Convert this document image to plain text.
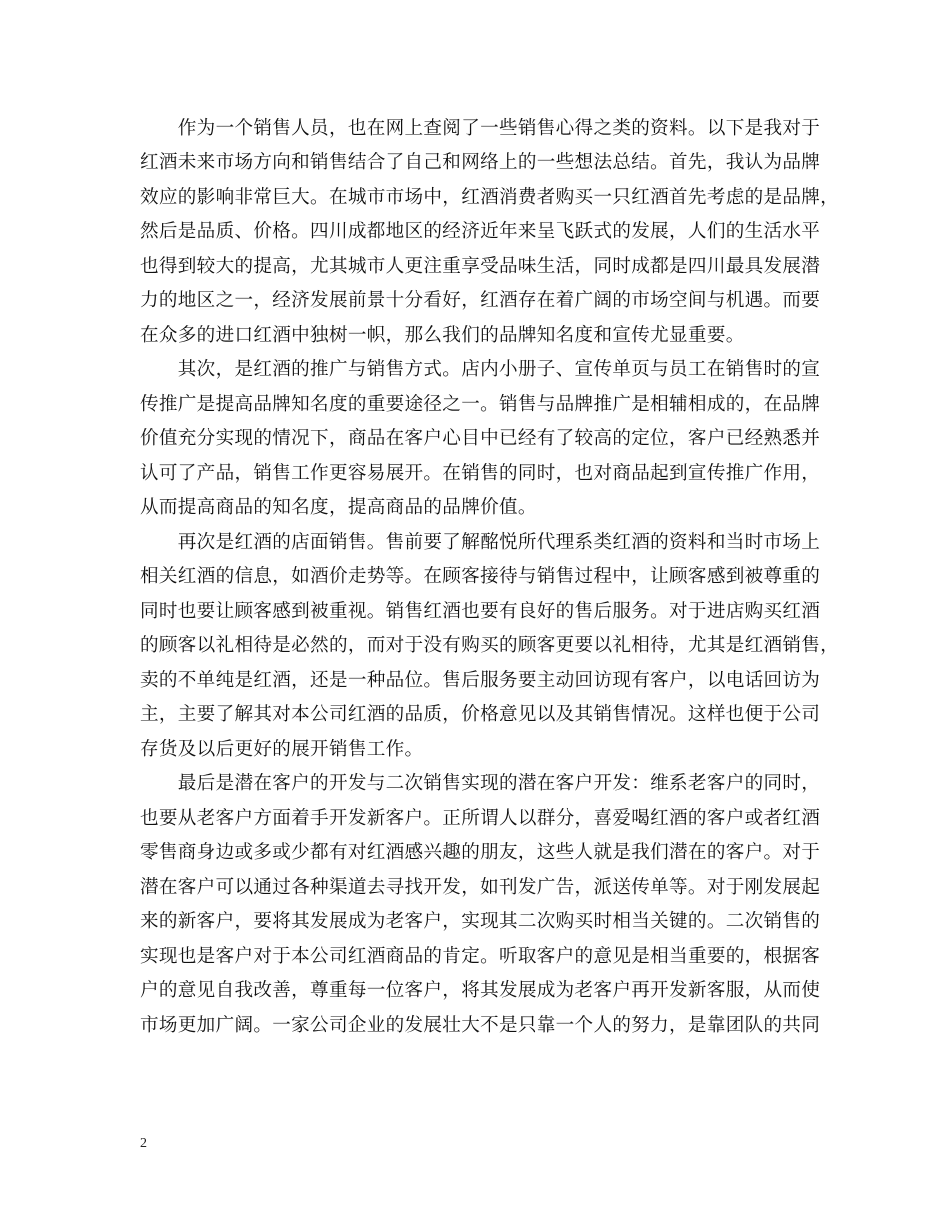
　　作为一个销售人员，也在网上查阅了一些销售心得之类的资料。以下是我对于
红酒未来市场方向和销售结合了自己和网络上的一些想法总结。首先，我认为品牌
效应的影响非常巨大。在城市市场中，红酒消费者购买一只红酒首先考虑的是品牌，
然后是品质、价格。四川成都地区的经济近年来呈飞跃式的发展，人们的生活水平
也得到较大的提高，尤其城市人更注重享受品味生活，同时成都是四川最具发展潜
力的地区之一，经济发展前景十分看好，红酒存在着广阔的市场空间与机遇。而要
在众多的进口红酒中独树一帜，那么我们的品牌知名度和宣传尤显重要。
　　其次，是红酒的推广与销售方式。店内小册子、宣传单页与员工在销售时的宣
传推广是提高品牌知名度的重要途径之一。销售与品牌推广是相辅相成的，在品牌
价值充分实现的情况下，商品在客户心目中已经有了较高的定位，客户已经熟悉并
认可了产品，销售工作更容易展开。在销售的同时，也对商品起到宣传推广作用，
从而提高商品的知名度，提高商品的品牌价值。
　　再次是红酒的店面销售。售前要了解酩悦所代理系类红酒的资料和当时市场上
相关红酒的信息，如酒价走势等。在顾客接待与销售过程中，让顾客感到被尊重的
同时也要让顾客感到被重视。销售红酒也要有良好的售后服务。对于进店购买红酒
的顾客以礼相待是必然的，而对于没有购买的顾客更要以礼相待，尤其是红酒销售，
卖的不单纯是红酒，还是一种品位。售后服务要主动回访现有客户，以电话回访为
主，主要了解其对本公司红酒的品质，价格意见以及其销售情况。这样也便于公司
存货及以后更好的展开销售工作。
　　最后是潜在客户的开发与二次销售实现的潜在客户开发：维系老客户的同时，
也要从老客户方面着手开发新客户。正所谓人以群分，喜爱喝红酒的客户或者红酒
零售商身边或多或少都有对红酒感兴趣的朋友，这些人就是我们潜在的客户。对于
潜在客户可以通过各种渠道去寻找开发，如刊发广告，派送传单等。对于刚发展起
来的新客户，要将其发展成为老客户，实现其二次购买时相当关键的。二次销售的
实现也是客户对于本公司红酒商品的肯定。听取客户的意见是相当重要的，根据客
户的意见自我改善，尊重每一位客户，将其发展成为老客户再开发新客服，从而使
市场更加广阔。一家公司企业的发展壮大不是只靠一个人的努力，是靠团队的共同
2
